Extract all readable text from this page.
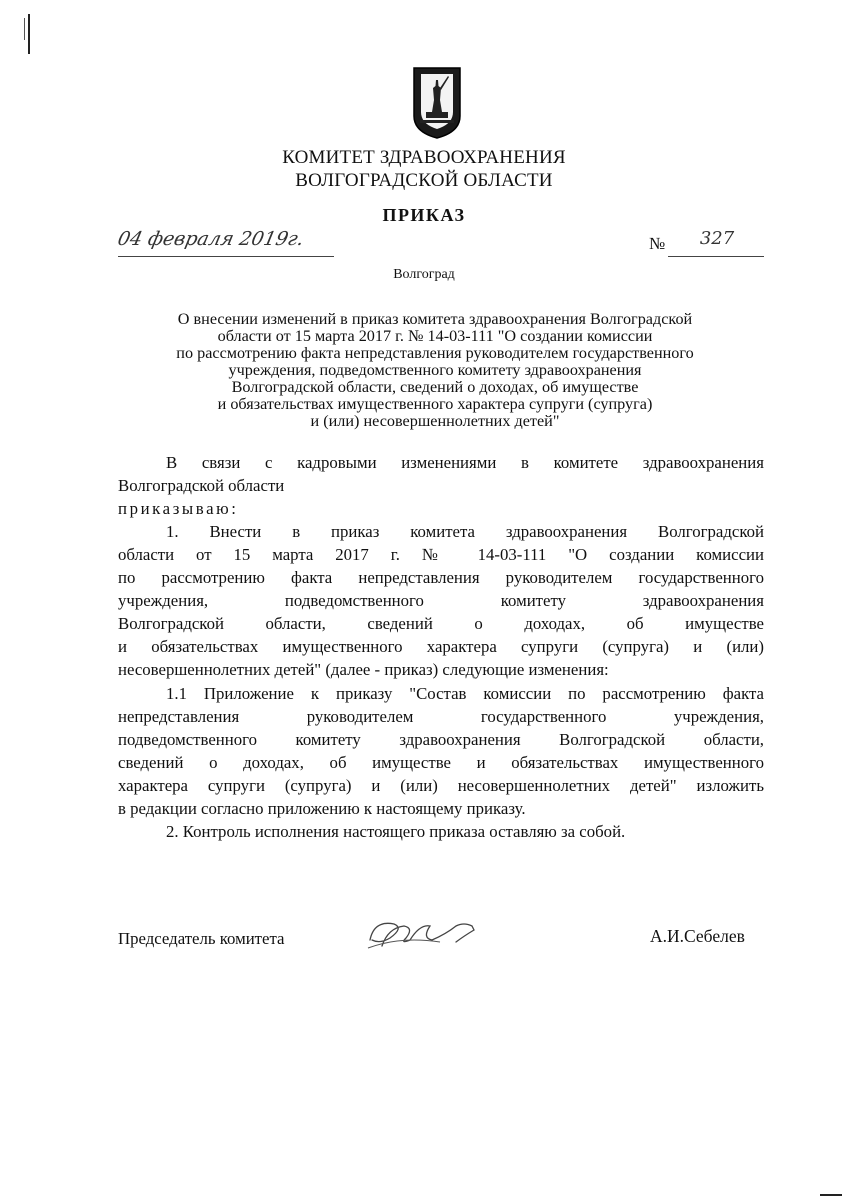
КОМИТЕТ ЗДРАВООХРАНЕНИЯ
ВОЛГОГРАДСКОЙ ОБЛАСТИ
ПРИКАЗ
04 февраля 2019г.	№	327
Волгоград
О внесении изменений в приказ комитета здравоохранения Волгоградской
области от 15 марта 2017 г. № 14-03-111 "О создании комиссии
по рассмотрению факта непредставления руководителем государственного
учреждения, подведомственного комитету здравоохранения
Волгоградской области, сведений о доходах, об имуществе
и обязательствах имущественного характера супруги (супруга)
и (или) несовершеннолетних детей"
В связи с кадровыми изменениями в комитете здравоохранения
Волгоградской области
приказываю:
1. Внести в приказ комитета здравоохранения Волгоградской
области от 15 марта 2017 г. № 14-03-111 "О создании комиссии
по рассмотрению факта непредставления руководителем государственного
учреждения, подведомственного комитету здравоохранения
Волгоградской области, сведений о доходах, об имуществе
и обязательствах имущественного характера супруги (супруга) и (или)
несовершеннолетних детей" (далее - приказ) следующие изменения:
1.1 Приложение к приказу "Состав комиссии по рассмотрению факта
непредставления руководителем государственного учреждения,
подведомственного комитету здравоохранения Волгоградской области,
сведений о доходах, об имуществе и обязательствах имущественного
характера супруги (супруга) и (или) несовершеннолетних детей" изложить
в редакции согласно приложению к настоящему приказу.
2. Контроль исполнения настоящего приказа оставляю за собой.
Председатель комитета	А.И.Себелев
